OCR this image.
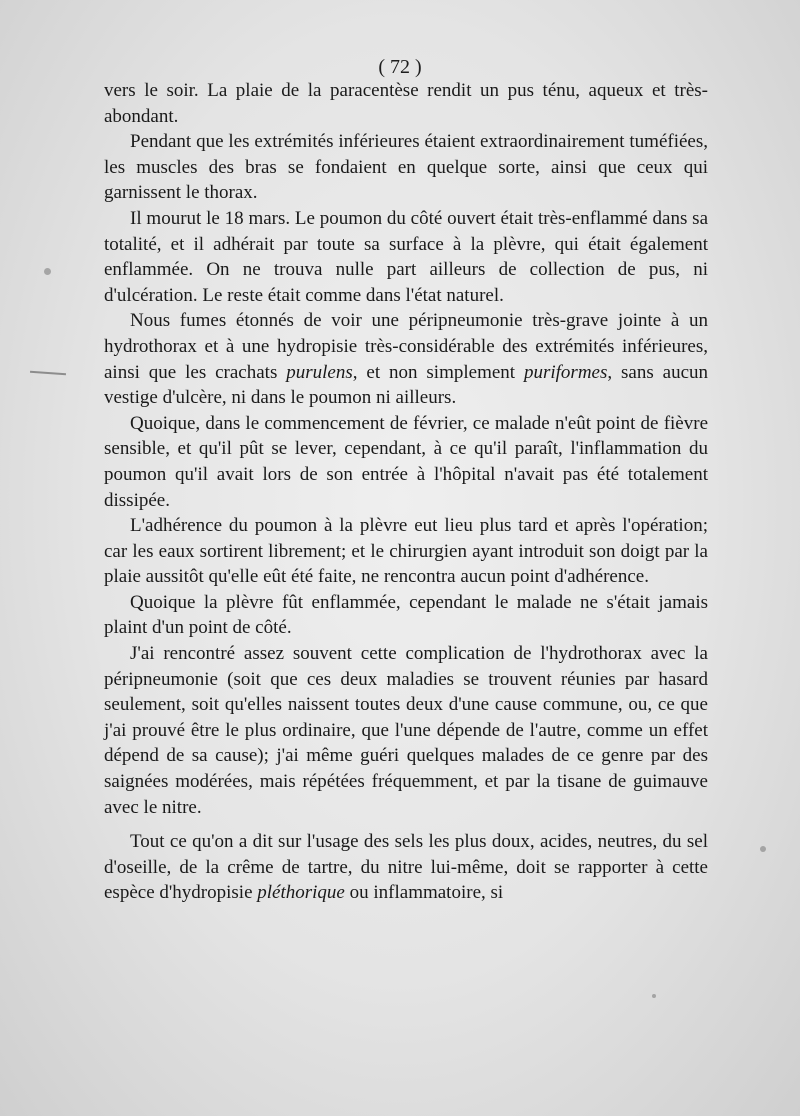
( 72 )

vers le soir. La plaie de la paracentèse rendit un pus ténu, aqueux et très-abondant.

Pendant que les extrémités inférieures étaient extraordinairement tuméfiées, les muscles des bras se fondaient en quelque sorte, ainsi que ceux qui garnissent le thorax.

Il mourut le 18 mars. Le poumon du côté ouvert était très-enflammé dans sa totalité, et il adhérait par toute sa surface à la plèvre, qui était également enflammée. On ne trouva nulle part ailleurs de collection de pus, ni d'ulcération. Le reste était comme dans l'état naturel.

Nous fumes étonnés de voir une péripneumonie très-grave jointe à un hydrothorax et à une hydropisie très-considérable des extrémités inférieures, ainsi que les crachats purulens, et non simplement puriformes, sans aucun vestige d'ulcère, ni dans le poumon ni ailleurs.

Quoique, dans le commencement de février, ce malade n'eût point de fièvre sensible, et qu'il pût se lever, cependant, à ce qu'il paraît, l'inflammation du poumon qu'il avait lors de son entrée à l'hôpital n'avait pas été totalement dissipée.

L'adhérence du poumon à la plèvre eut lieu plus tard et après l'opération; car les eaux sortirent librement; et le chirurgien ayant introduit son doigt par la plaie aussitôt qu'elle eût été faite, ne rencontra aucun point d'adhérence.

Quoique la plèvre fût enflammée, cependant le malade ne s'était jamais plaint d'un point de côté.

J'ai rencontré assez souvent cette complication de l'hydrothorax avec la péripneumonie (soit que ces deux maladies se trouvent réunies par hasard seulement, soit qu'elles naissent toutes deux d'une cause commune, ou, ce que j'ai prouvé être le plus ordinaire, que l'une dépende de l'autre, comme un effet dépend de sa cause); j'ai même guéri quelques malades de ce genre par des saignées modérées, mais répétées fréquemment, et par la tisane de guimauve avec le nitre.

Tout ce qu'on a dit sur l'usage des sels les plus doux, acides, neutres, du sel d'oseille, de la crême de tartre, du nitre lui-même, doit se rapporter à cette espèce d'hydropisie pléthorique ou inflammatoire, si
